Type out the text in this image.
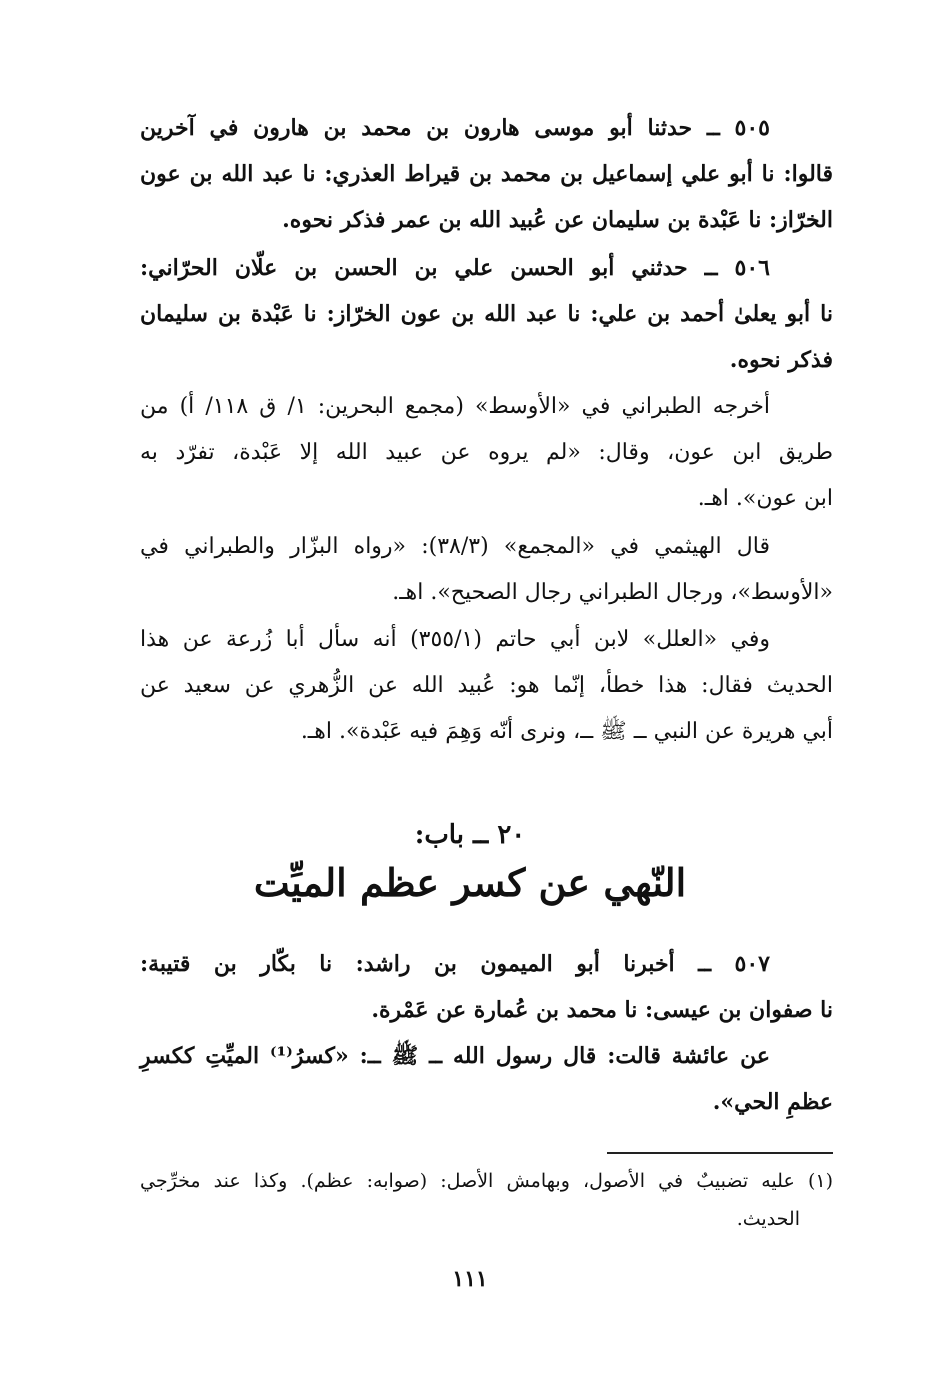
٥٠٥ ــ حدثنا أبو موسى هارون بن محمد بن هارون في آخرين
قالوا: نا أبو علي إسماعيل بن محمد بن قيراط العذري: نا عبد الله بن عون
الخرّاز: نا عَبْدة بن سليمان عن عُبيد الله بن عمر فذكر نحوه.
٥٠٦ ــ حدثني أبو الحسن علي بن الحسن بن علّان الحرّاني:
نا أبو يعلىٰ أحمد بن علي: نا عبد الله بن عون الخرّاز: نا عَبْدة بن سليمان
فذكر نحوه.
أخرجه الطبراني في «الأوسط» (مجمع البحرين: ١/ ق ١١٨/ أ) من
طريق ابن عون، وقال: «لم يروه عن عبيد الله إلا عَبْدة، تفرّد به
ابن عون». اهـ.
قال الهيثمي في «المجمع» (٣٨/٣): «رواه البزّار والطبراني في
«الأوسط»، ورجال الطبراني رجال الصحيح». اهـ.
وفي «العلل» لابن أبي حاتم (٣٥٥/١) أنه سأل أبا زُرعة عن هذا
الحديث فقال: هذا خطأ، إنّما هو: عُبيد الله عن الزُّهري عن سعيد عن
أبي هريرة عن النبي ــ ﷺ ــ، ونرى أنّه وَهِمَ فيه عَبْدة». اهـ.
٢٠ ــ باب:
النّهي عن كسر عظم الميِّت
٥٠٧ ــ أخبرنا أبو الميمون بن راشد: نا بكّار بن قتيبة:
نا صفوان بن عيسى: نا محمد بن عُمارة عن عَمْرة.
عن عائشة قالت: قال رسول الله ــ ﷺ ــ: «كسرُ⁽¹⁾ الميِّتِ ككسرِ
عظمِ الحي».
(١) عليه تضبيبٌ في الأصول، وبهامش الأصل: (صوابه: عظم). وكذا عند مخرِّجي
الحديث.
١١١
